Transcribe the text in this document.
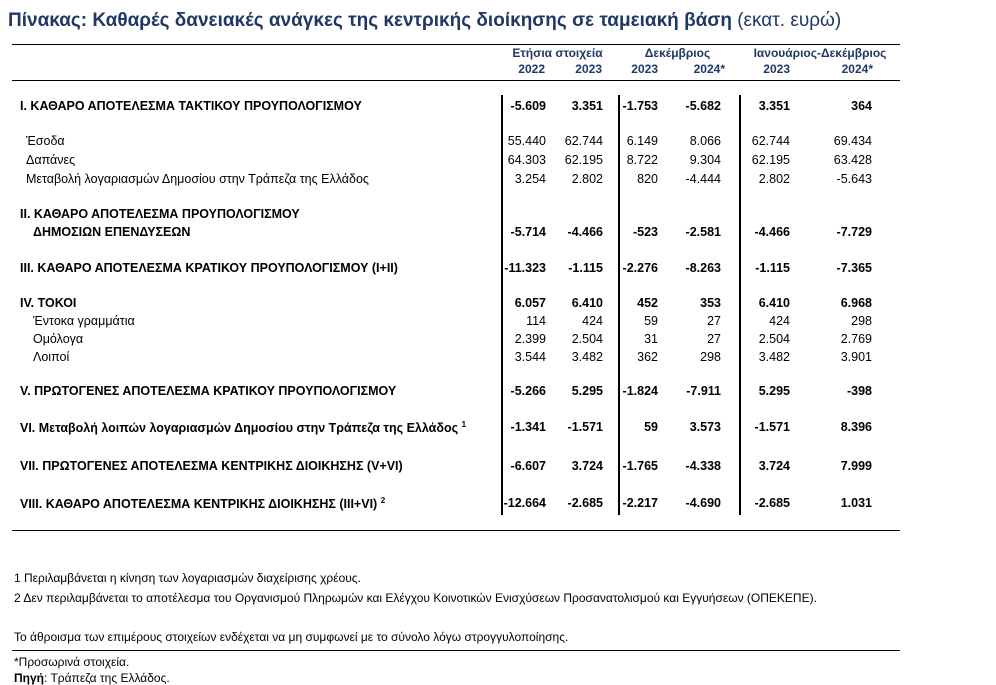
Πίνακας: Καθαρές δανειακές ανάγκες της κεντρικής διοίκησης σε ταμειακή βάση (εκατ. ευρώ)
Ετήσια στοιχεία	Δεκέμβριος	Ιανουάριος-Δεκέμβριος
2022	2023	2023	2024*	2023	2024*
I. ΚΑΘΑΡΟ ΑΠΟΤΕΛΕΣΜΑ ΤΑΚΤΙΚΟΥ ΠΡΟΥΠΟΛΟΓΙΣΜΟΥ	-5.609	3.351	-1.753	-5.682	3.351	364
Έσοδα	55.440	62.744	6.149	8.066	62.744	69.434
Δαπάνες	64.303	62.195	8.722	9.304	62.195	63.428
Μεταβολή λογαριασμών Δημοσίου στην Τράπεζα της Ελλάδος	3.254	2.802	820	-4.444	2.802	-5.643
II. ΚΑΘΑΡΟ ΑΠΟΤΕΛΕΣΜΑ ΠΡΟΥΠΟΛΟΓΙΣΜΟΥ
ΔΗΜΟΣΙΩΝ ΕΠΕΝΔΥΣΕΩΝ	-5.714	-4.466	-523	-2.581	-4.466	-7.729
III. ΚΑΘΑΡΟ ΑΠΟΤΕΛΕΣΜΑ ΚΡΑΤΙΚΟΥ ΠΡΟΥΠΟΛΟΓΙΣΜΟΥ (I+II)	-11.323	-1.115	-2.276	-8.263	-1.115	-7.365
IV. ΤΟΚΟΙ	6.057	6.410	452	353	6.410	6.968
Έντοκα γραμμάτια	114	424	59	27	424	298
Ομόλογα	2.399	2.504	31	27	2.504	2.769
Λοιποί	3.544	3.482	362	298	3.482	3.901
V. ΠΡΩΤΟΓΕΝΕΣ ΑΠΟΤΕΛΕΣΜΑ ΚΡΑΤΙΚΟΥ ΠΡΟΥΠΟΛΟΓΙΣΜΟΥ	-5.266	5.295	-1.824	-7.911	5.295	-398
VI. Μεταβολή λοιπών λογαριασμών Δημοσίου στην Τράπεζα της Ελλάδος $^1$	-1.341	-1.571	59	3.573	-1.571	8.396
VII. ΠΡΩΤΟΓΕΝΕΣ ΑΠΟΤΕΛΕΣΜΑ ΚΕΝΤΡΙΚΗΣ ΔΙΟΙΚΗΣΗΣ (V+VI)	-6.607	3.724	-1.765	-4.338	3.724	7.999
VIII. ΚΑΘΑΡΟ ΑΠΟΤΕΛΕΣΜΑ ΚΕΝΤΡΙΚΗΣ ΔΙΟΙΚΗΣΗΣ (III+VI) $^2$	-12.664	-2.685	-2.217	-4.690	-2.685	1.031
1 Περιλαμβάνεται η κίνηση των λογαριασμών διαχείρισης χρέους.
2 Δεν περιλαμβάνεται το αποτέλεσμα του Οργανισμού Πληρωμών και Ελέγχου Κοινοτικών Ενισχύσεων Προσανατολισμού και Εγγυήσεων (ΟΠΕΚΕΠΕ).
Το άθροισμα των επιμέρους στοιχείων ενδέχεται να μη συμφωνεί με το σύνολο λόγω στρογγυλοποίησης.
*Προσωρινά στοιχεία.
Πηγή: Τράπεζα της Ελλάδος.
